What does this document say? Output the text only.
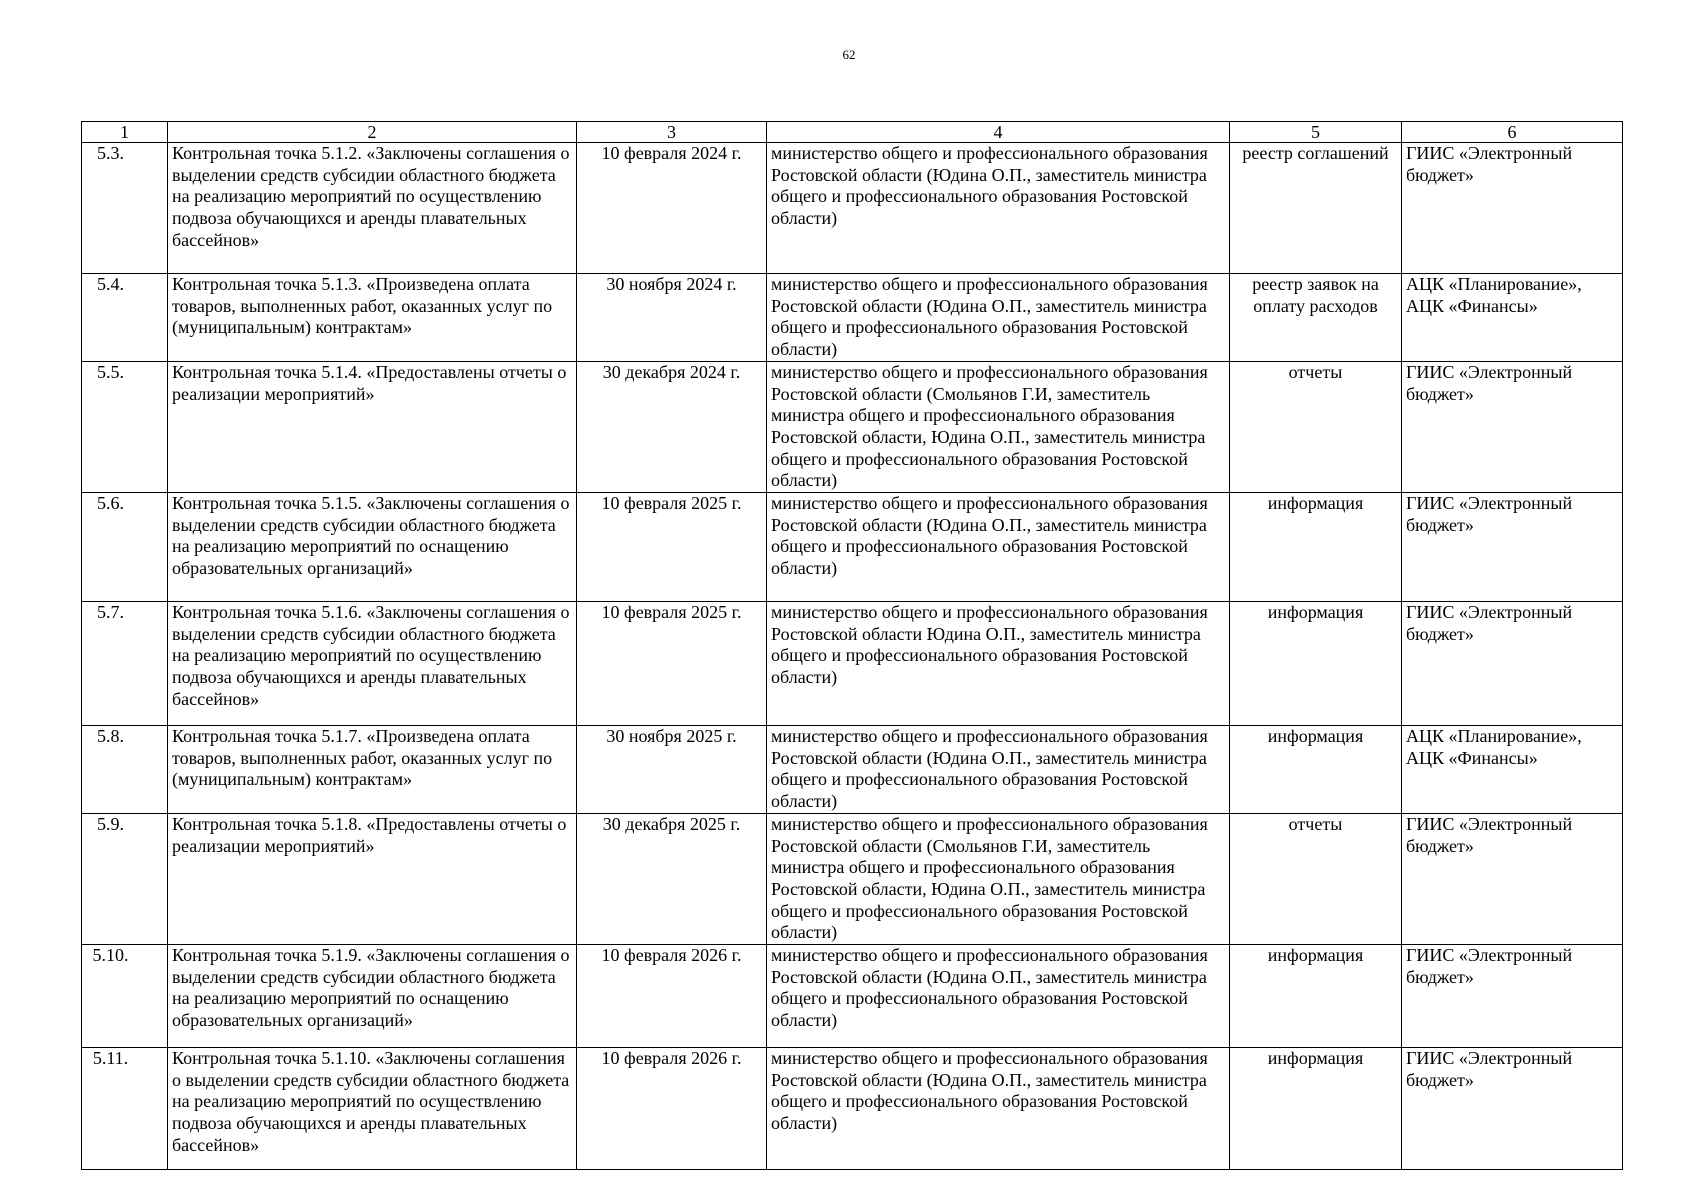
62
1	2	3	4	5	6
5.3.	Контрольная точка 5.1.2. «Заключены соглашения о выделении средств субсидии областного бюджета на реализацию мероприятий по осуществлению подвоза обучающихся и аренды плавательных бассейнов»	10 февраля 2024 г.	министерство общего и профессионального образования Ростовской области (Юдина О.П., заместитель министра общего и профессионального образования Ростовской области)	реестр соглашений	ГИИС «Электронный бюджет»
5.4.	Контрольная точка 5.1.3. «Произведена оплата товаров, выполненных работ, оказанных услуг по (муниципальным) контрактам»	30 ноября 2024 г.	министерство общего и профессионального образования Ростовской области (Юдина О.П., заместитель министра общего и профессионального образования Ростовской области)	реестр заявок на оплату расходов	АЦК «Планирование», АЦК «Финансы»
5.5.	Контрольная точка 5.1.4. «Предоставлены отчеты о реализации мероприятий»	30 декабря 2024 г.	министерство общего и профессионального образования Ростовской области (Смольянов Г.И, заместитель министра общего и профессионального образования Ростовской области, Юдина О.П., заместитель министра общего и профессионального образования Ростовской области)	отчеты	ГИИС «Электронный бюджет»
5.6.	Контрольная точка 5.1.5. «Заключены соглашения о выделении средств субсидии областного бюджета на реализацию мероприятий по оснащению образовательных организаций»	10 февраля 2025 г.	министерство общего и профессионального образования Ростовской области (Юдина О.П., заместитель министра общего и профессионального образования Ростовской области)	информация	ГИИС «Электронный бюджет»
5.7.	Контрольная точка 5.1.6. «Заключены соглашения о выделении средств субсидии областного бюджета на реализацию мероприятий по осуществлению подвоза обучающихся и аренды плавательных бассейнов»	10 февраля 2025 г.	министерство общего и профессионального образования Ростовской области Юдина О.П., заместитель министра общего и профессионального образования Ростовской области)	информация	ГИИС «Электронный бюджет»
5.8.	Контрольная точка 5.1.7. «Произведена оплата товаров, выполненных работ, оказанных услуг по (муниципальным) контрактам»	30 ноября 2025 г.	министерство общего и профессионального образования Ростовской области (Юдина О.П., заместитель министра общего и профессионального образования Ростовской области)	информация	АЦК «Планирование», АЦК «Финансы»
5.9.	Контрольная точка 5.1.8. «Предоставлены отчеты о реализации мероприятий»	30 декабря 2025 г.	министерство общего и профессионального образования Ростовской области (Смольянов Г.И, заместитель министра общего и профессионального образования Ростовской области, Юдина О.П., заместитель министра общего и профессионального образования Ростовской области)	отчеты	ГИИС «Электронный бюджет»
5.10.	Контрольная точка 5.1.9. «Заключены соглашения о выделении средств субсидии областного бюджета на реализацию мероприятий по оснащению образовательных организаций»	10 февраля 2026 г.	министерство общего и профессионального образования Ростовской области (Юдина О.П., заместитель министра общего и профессионального образования Ростовской области)	информация	ГИИС «Электронный бюджет»
5.11.	Контрольная точка 5.1.10. «Заключены соглашения о выделении средств субсидии областного бюджета на реализацию мероприятий по осуществлению подвоза обучающихся и аренды плавательных бассейнов»	10 февраля 2026 г.	министерство общего и профессионального образования Ростовской области (Юдина О.П., заместитель министра общего и профессионального образования Ростовской области)	информация	ГИИС «Электронный бюджет»
